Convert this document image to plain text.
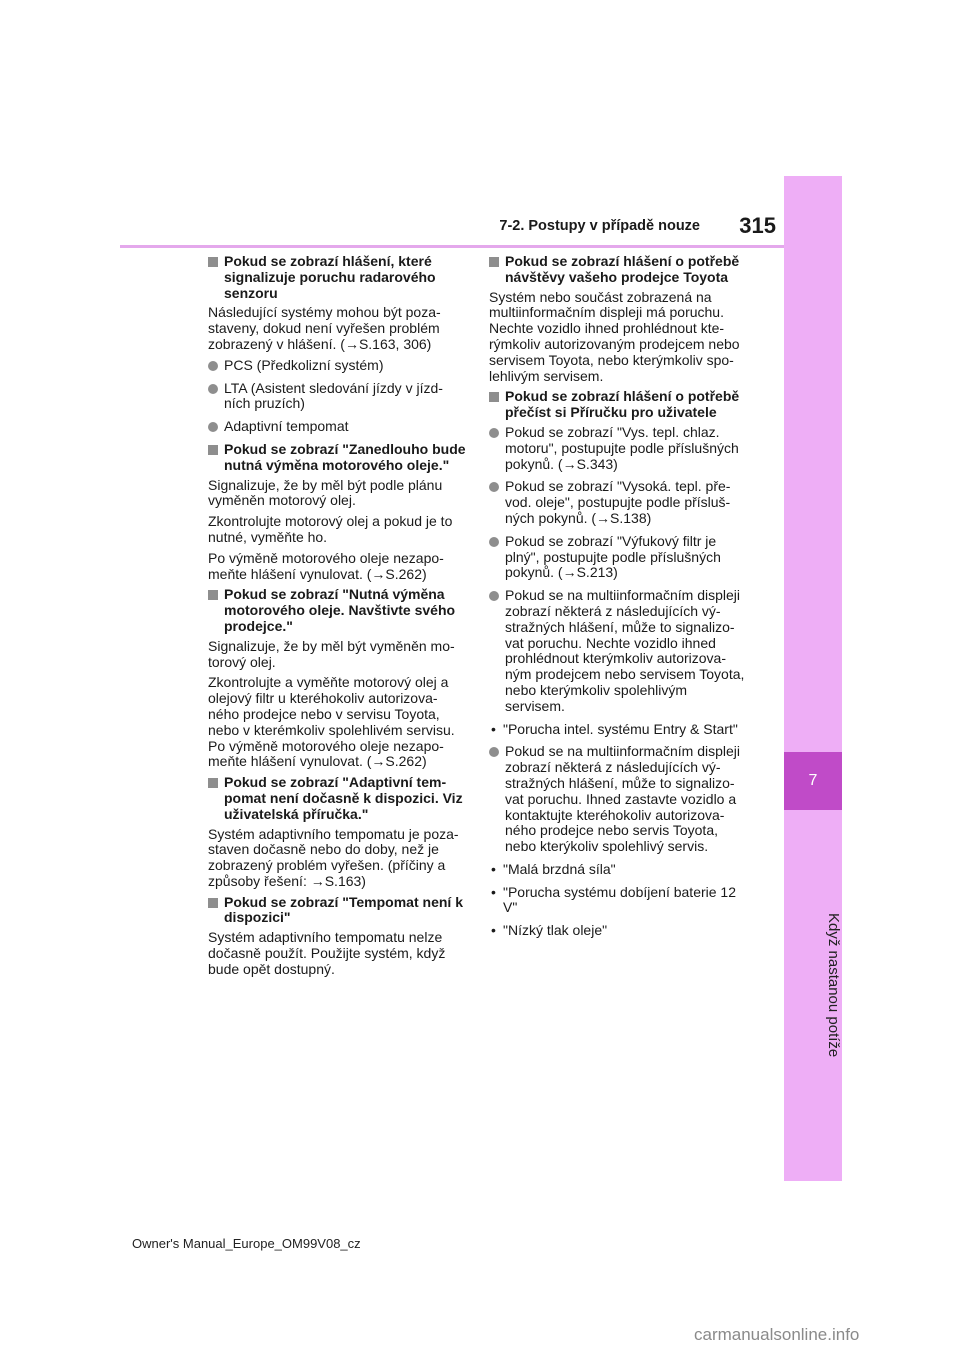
7-2. Postupy v případě nouze	315
7
Když nastanou potíže
Pokud se zobrazí hlášení, které signalizuje poruchu radarového senzoru
Následující systémy mohou být poza-staveny, dokud není vyřešen problém zobrazený v hlášení. (→S.163, 306)
PCS (Předkolizní systém)
LTA (Asistent sledování jízdy v jízd-ních pruzích)
Adaptivní tempomat
Pokud se zobrazí "Zanedlouho bude nutná výměna motorového oleje."
Signalizuje, že by měl být podle plánu vyměněn motorový olej.
Zkontrolujte motorový olej a pokud je to nutné, vyměňte ho.
Po výměně motorového oleje nezapo-meňte hlášení vynulovat. (→S.262)
Pokud se zobrazí "Nutná výměna motorového oleje. Navštivte svého prodejce."
Signalizuje, že by měl být vyměněn mo-torový olej.
Zkontrolujte a vyměňte motorový olej a olejový filtr u kteréhokoliv autorizova-ného prodejce nebo v servisu Toyota, nebo v kterémkoliv spolehlivém servisu. Po výměně motorového oleje nezapo-meňte hlášení vynulovat. (→S.262)
Pokud se zobrazí "Adaptivní tem-pomat není dočasně k dispozici. Viz uživatelská příručka."
Systém adaptivního tempomatu je poza-staven dočasně nebo do doby, než je zobrazený problém vyřešen. (příčiny a způsoby řešení: →S.163)
Pokud se zobrazí "Tempomat není k dispozici"
Systém adaptivního tempomatu nelze dočasně použít. Použijte systém, když bude opět dostupný.
Pokud se zobrazí hlášení o potřebě návštěvy vašeho prodejce Toyota
Systém nebo součást zobrazená na multiinformačním displeji má poruchu. Nechte vozidlo ihned prohlédnout kte-rýmkoliv autorizovaným prodejcem nebo servisem Toyota, nebo kterýmkoliv spo-lehlivým servisem.
Pokud se zobrazí hlášení o potřebě přečíst si Příručku pro uživatele
Pokud se zobrazí "Vys. tepl. chlaz. motoru", postupujte podle příslušných pokynů. (→S.343)
Pokud se zobrazí "Vysoká. tepl. pře-vod. oleje", postupujte podle přísluš-ných pokynů. (→S.138)
Pokud se zobrazí "Výfukový filtr je plný", postupujte podle příslušných pokynů. (→S.213)
Pokud se na multiinformačním displeji zobrazí některá z následujících vý-stražných hlášení, může to signalizo-vat poruchu. Nechte vozidlo ihned prohlédnout kterýmkoliv autorizova-ným prodejcem nebo servisem Toyota, nebo kterýmkoliv spolehlivým servisem.
• "Porucha intel. systému Entry & Start"
Pokud se na multiinformačním displeji zobrazí některá z následujících vý-stražných hlášení, může to signalizo-vat poruchu. Ihned zastavte vozidlo a kontaktujte kteréhokoliv autorizova-ného prodejce nebo servis Toyota, nebo kterýkoliv spolehlivý servis.
• "Malá brzdná síla"
• "Porucha systému dobíjení baterie 12 V"
• "Nízký tlak oleje"
Owner's Manual_Europe_OM99V08_cz
carmanualsonline.info
